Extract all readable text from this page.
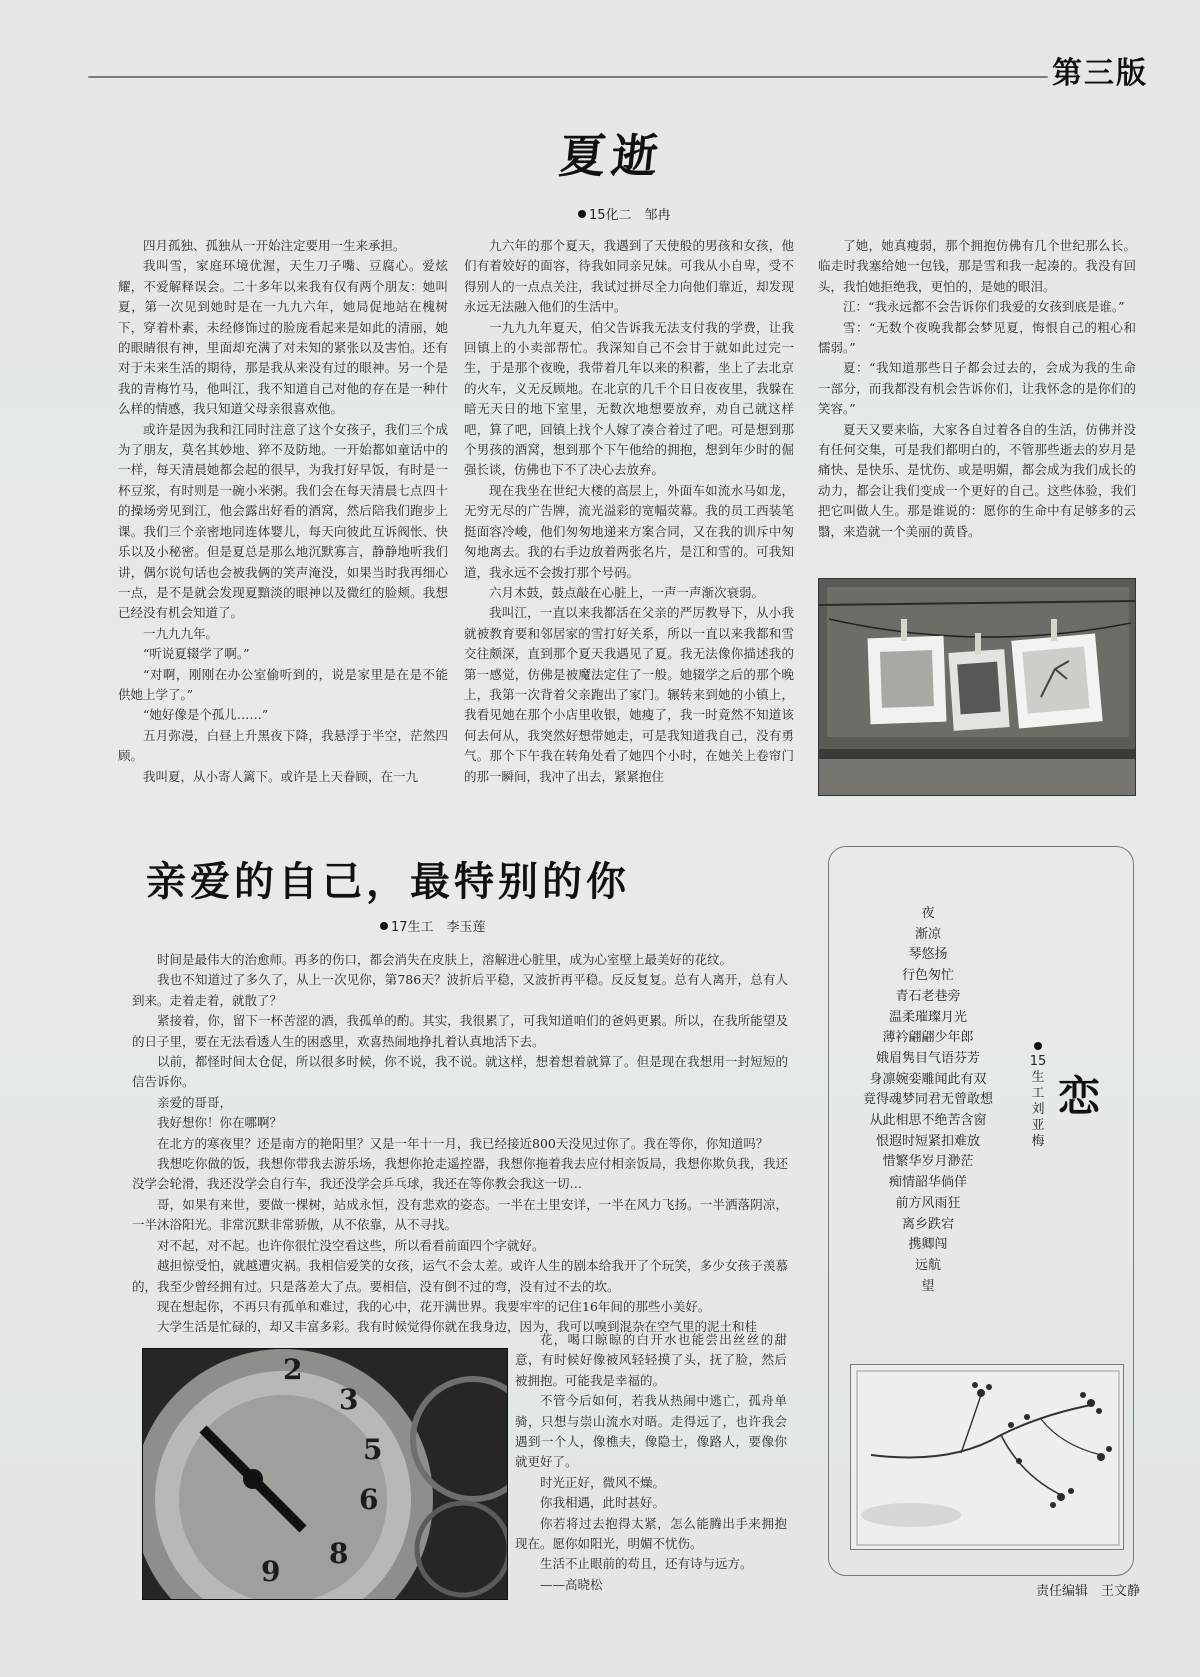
第三版
夏逝
15化二　邹冉

四月孤独、孤独从一开始注定要用一生来承担。

我叫雪，家庭环境优渥，天生刀子嘴、豆腐心。爱炫耀，不爱解释误会。二十多年以来我有仅有两个朋友：她叫夏，第一次见到她时是在一九九六年，她局促地站在槐树下，穿着朴素，未经修饰过的脸庞看起来是如此的清丽，她的眼睛很有神，里面却充满了对未知的紧张以及害怕。还有对于未来生活的期待，那是我从来没有过的眼神。另一个是我的青梅竹马，他叫江，我不知道自己对他的存在是一种什么样的情感，我只知道父母亲很喜欢他。

或许是因为我和江同时注意了这个女孩子，我们三个成为了朋友，莫名其妙地、猝不及防地。一开始都如童话中的一样，每天清晨她都会起的很早，为我打好早饭，有时是一杯豆浆，有时则是一碗小米粥。我们会在每天清晨七点四十的操场旁见到江，他会露出好看的酒窝，然后陪我们跑步上课。我们三个亲密地同连体婴儿，每天向彼此互诉阀怅、快乐以及小秘密。但是夏总是那么地沉默寡言，静静地听我们讲，偶尔说句话也会被我俩的笑声淹没，如果当时我再细心一点，是不是就会发现夏黯淡的眼神以及微红的脸颊。我想已经没有机会知道了。

一九九九年。

“听说夏辍学了啊。”

“对啊，刚刚在办公室偷听到的，说是家里是在是不能供她上学了。”

“她好像是个孤儿……”

五月弥漫，白昼上升黑夜下降，我悬浮于半空，茫然四顾。

我叫夏，从小寄人篱下。或许是上天眷顾，在一九

九六年的那个夏天，我遇到了天使般的男孩和女孩，他们有着姣好的面容，待我如同亲兄妹。可我从小自卑，受不得别人的一点点关注，我试过拼尽全力向他们靠近，却发现永远无法融入他们的生活中。

一九九九年夏天，伯父告诉我无法支付我的学费，让我回镇上的小卖部帮忙。我深知自己不会甘于就如此过完一生，于是那个夜晚，我带着几年以来的积蓄，坐上了去北京的火车，义无反顾地。在北京的几千个日日夜夜里，我躲在暗无天日的地下室里，无数次地想要放弃，劝自己就这样吧，算了吧，回镇上找个人嫁了凑合着过了吧。可是想到那个男孩的酒窝，想到那个下午他给的拥抱，想到年少时的倔强长谈，仿佛也下不了决心去放弃。

现在我坐在世纪大楼的高层上，外面车如流水马如龙，无穷无尽的广告牌，流光溢彩的宽幅荧幕。我的员工西装笔挺面容冷峻，他们匆匆地递来方案合同，又在我的训斥中匆匆地离去。我的右手边放着两张名片，是江和雪的。可我知道，我永远不会拨打那个号码。

六月木鼓，鼓点敲在心脏上，一声一声渐次衰弱。

我叫江，一直以来我都活在父亲的严厉教导下，从小我就被教育要和邻居家的雪打好关系，所以一直以来我都和雪交往颇深，直到那个夏天我遇见了夏。我无法像你描述我的第一感觉，仿佛是被魔法定住了一般。她辍学之后的那个晚上，我第一次背着父亲跑出了家门。辗转来到她的小镇上，我看见她在那个小店里收银，她瘦了，我一时竟然不知道该何去何从，我突然好想带她走，可是我知道我自己，没有勇气。那个下午我在转角处看了她四个小时，在她关上卷帘门的那一瞬间，我冲了出去，紧紧抱住

了她，她真瘦弱，那个拥抱仿佛有几个世纪那么长。临走时我塞给她一包钱，那是雪和我一起凑的。我没有回头，我怕她拒绝我，更怕的，是她的眼泪。

江：“我永远都不会告诉你们我爱的女孩到底是谁。”

雪：“无数个夜晚我都会梦见夏，悔恨自己的粗心和懦弱。”

夏：“我知道那些日子都会过去的，会成为我的生命一部分，而我都没有机会告诉你们，让我怀念的是你们的笑容。”

夏天又要来临，大家各自过着各自的生活，仿佛并没有任何交集，可是我们都明白的，不管那些逝去的岁月是痛快、是快乐、是忧伤、或是明媚，都会成为我们成长的动力，都会让我们变成一个更好的自己。这些体验，我们把它叫做人生。那是谁说的：愿你的生命中有足够多的云翳，来造就一个美丽的黄昏。

亲爱的自己，最特别的你
17生工　李玉莲

时间是最伟大的治愈师。再多的伤口，都会消失在皮肤上，溶解进心脏里，成为心室壁上最美好的花纹。

我也不知道过了多久了，从上一次见你，第786天？波折后平稳，又波折再平稳。反反复复。总有人离开，总有人到来。走着走着，就散了？

紧接着，你，留下一杯苦涩的酒，我孤单的酌。其实，我很累了，可我知道咱们的爸妈更累。所以，在我所能望及的日子里，要在无法看透人生的困惑里，欢喜热闹地挣扎着认真地活下去。

以前，都怪时间太仓促，所以很多时候，你不说，我不说。就这样，想着想着就算了。但是现在我想用一封短短的信告诉你。

亲爱的哥哥，

我好想你！你在哪啊？

在北方的寒夜里？还是南方的艳阳里？又是一年十一月，我已经接近800天没见过你了。我在等你，你知道吗？

我想吃你做的饭，我想你带我去游乐场，我想你抢走遥控器，我想你拖着我去应付相亲饭局，我想你欺负我，我还没学会轮滑，我还没学会自行车，我还没学会乒乓球，我还在等你教会我这一切…

哥，如果有来世，要做一棵树，站成永恒，没有悲欢的姿态。一半在土里安详，一半在风力飞扬。一半洒落阴凉，一半沐浴阳光。非常沉默非常骄傲，从不依靠，从不寻找。

对不起，对不起。也许你很忙没空看这些，所以看看前面四个字就好。

越担惊受怕，就越遭灾祸。我相信爱笑的女孩，运气不会太差。或许人生的剧本给我开了个玩笑，多少女孩子羡慕的，我至少曾经拥有过。只是落差大了点。要相信，没有倒不过的弯，没有过不去的坎。

现在想起你，不再只有孤单和难过，我的心中，花开满世界。我要牢牢的记住16年间的那些小美好。

大学生活是忙碌的，却又丰富多彩。我有时候觉得你就在我身边，因为，我可以嗅到混杂在空气里的泥土和桂

2
3
5
6
8
9

花，喝口晾晾的白开水也能尝出丝丝的甜意，有时候好像被风轻轻摸了头，抚了脸，然后被拥抱。可能我是幸福的。

不管今后如何，若我从热闹中逃亡，孤舟单骑，只想与崇山流水对晤。走得远了，也许我会遇到一个人，像樵夫，像隐士，像路人，要像你就更好了。

时光正好，微风不燥。

你我相遇，此时甚好。

你若将过去抱得太紧，怎么能腾出手来拥抱现在。愿你如阳光，明媚不忧伤。

生活不止眼前的苟且，还有诗与远方。

——高晓松

夜
渐凉
琴悠扬
行色匆忙
青石老巷旁
温柔璀璨月光
薄衿翩翩少年郎
娥眉隽目气语芬芳
身凛婉娈雕闻此有双
竟得魂梦同君无曾敢想
从此相思不绝苦含窗
恨遐时短紧扣难放
惜繁华岁月渺茫
痴情韶华倘佯
前方风雨狂
离乡跌宕
携卿闯
远航
望
15生工　刘亚梅
恋
责任编辑　王文静
